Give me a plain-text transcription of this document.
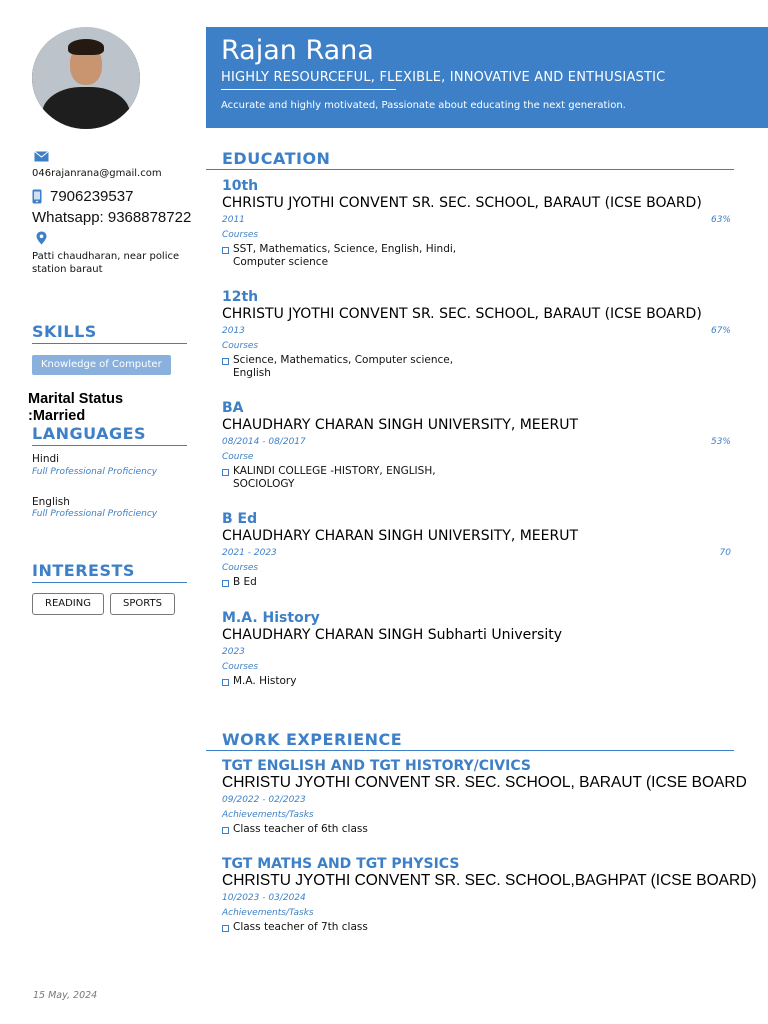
046rajanrana@gmail.com
7906239537
Whatsapp: 9368878722
Patti chaudharan, near police station baraut
SKILLS
Knowledge of Computer
Marital Status
:Married
LANGUAGES
Hindi
Full Professional Proficiency
English
Full Professional Proficiency
INTERESTS
READING	SPORTS
15 May, 2024
Rajan Rana
HIGHLY RESOURCEFUL, FLEXIBLE, INNOVATIVE AND ENTHUSIASTIC
Accurate and highly motivated, Passionate about educating the next generation.
EDUCATION
10th
CHRISTU JYOTHI CONVENT SR. SEC. SCHOOL, BARAUT (ICSE BOARD)
2011	63%
Courses
SST, Mathematics, Science, English, Hindi,
Computer science
12th
CHRISTU JYOTHI CONVENT SR. SEC. SCHOOL, BARAUT (ICSE BOARD)
2013	67%
Courses
Science, Mathematics, Computer science,
English
BA
CHAUDHARY CHARAN SINGH UNIVERSITY, MEERUT
08/2014 - 08/2017	53%
Course
KALINDI COLLEGE -HISTORY, ENGLISH,
SOCIOLOGY
B Ed
CHAUDHARY CHARAN SINGH UNIVERSITY, MEERUT
2021 - 2023	70
Courses
B Ed
M.A. History
CHAUDHARY CHARAN SINGH Subharti University
2023
Courses
M.A. History
WORK EXPERIENCE
TGT ENGLISH AND TGT HISTORY/CIVICS
CHRISTU JYOTHI CONVENT SR. SEC. SCHOOL, BARAUT (ICSE BOARD
09/2022 - 02/2023
Achievements/Tasks
Class teacher of 6th class
TGT MATHS AND TGT PHYSICS
CHRISTU JYOTHI CONVENT SR. SEC. SCHOOL,BAGHPAT (ICSE BOARD)
10/2023 - 03/2024
Achievements/Tasks
Class teacher of 7th class
